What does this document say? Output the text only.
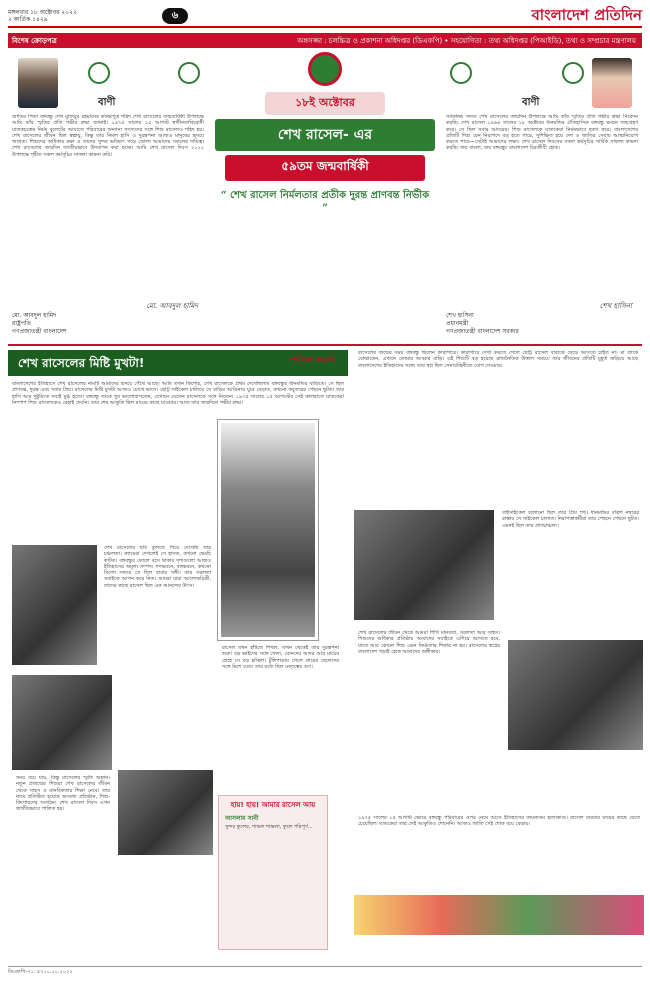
মঙ্গলবার ১৮ অক্টোবর ২০২২
২ কার্তিক ১৪২৯	৬	বাংলাদেশ প্রতিদিন
বিশেষ ক্রোড়পত্র	অঙ্গসজ্জা : চলচ্চিত্র ও প্রকাশনা অধিদপ্তর (ডিএফপি) • সহযোগিতা : তথ্য অধিদপ্তর (পিআইডি), তথ্য ও সম্প্রচার মন্ত্রণালয়
বাণী
জাতির পিতা বঙ্গবন্ধু শেখ মুজিবুর রহমানের কনিষ্ঠপুত্র শহিদ শেখ রাসেলের জন্মবার্ষিকী উপলক্ষে আমি তাঁর স্মৃতির প্রতি গভীর শ্রদ্ধা জানাই। ১৯৭৫ সালের ১৫ আগস্ট স্বাধীনতাবিরোধী ঘাতকচক্রের নির্মম বুলেটের আঘাতে পরিবারের অন্যান্য সদস্যদের সঙ্গে শিশু রাসেলও শহিদ হয়। শেখ রাসেলের জীবন ছিল স্বল্পায়ু, কিন্তু তার নির্মল হাসি ও দুরন্তপনা আজও মানুষের হৃদয়ে জাগ্রত। শিশুদের অধিকার রক্ষা ও তাদের সুন্দর ভবিষ্যৎ গড়ে তোলা আমাদের সকলের দায়িত্ব। শেখ রাসেলের জন্মদিন জাতীয়ভাবে উদযাপন করা হচ্ছে। আমি শেখ রাসেল দিবস ২০২২ উপলক্ষে গৃহীত সকল কর্মসূচির সাফল্য কামনা করি।
মো. আবদুল হামিদ
মো. আবদুল হামিদ
রাষ্ট্রপতি
গণপ্রজাতন্ত্রী বাংলাদেশ
১৮ই অক্টোবর
শেখ রাসেল- এর
৫৯তম জন্মবার্ষিকী
“ শেখ রাসেল নির্মলতার প্রতীক দুরন্ত প্রাণবন্ত নির্ভীক ”
বাণী
সর্বকনিষ্ঠ সদস্য শেখ রাসেলের জন্মদিন উপলক্ষে আমি তাঁর স্মৃতির প্রতি গভীর শ্রদ্ধা নিবেদন করছি। শেখ রাসেল ১৯৬৪ সালের ১৮ অক্টোবর ধানমন্ডির ঐতিহাসিক বঙ্গবন্ধু ভবনে জন্মগ্রহণ করে। সে ছিল সবার আদরের। শিশু রাসেলকে ঘাতকেরা নির্মমভাবে হত্যা করে। বাংলাদেশের প্রতিটি শিশু যেন নিরাপদে বড় হতে পারে, সুশিক্ষিত হয়ে দেশ ও জাতির সেবায় আত্মনিয়োগ করতে পারে—সেটাই আমাদের লক্ষ্য। শেখ রাসেল দিবসের সকল কর্মসূচির সার্বিক সাফল্য কামনা করছি। জয় বাংলা, জয় বঙ্গবন্ধু। বাংলাদেশ চিরজীবী হোক।
শেখ হাসিনা
শেখ হাসিনা
প্রধানমন্ত্রী
গণপ্রজাতন্ত্রী বাংলাদেশ সরকার
শেখ রাসেলের মিষ্টি মুখটা!	পাভেল রহমান
বাংলাদেশের ইতিহাসে শেখ রাসেলের নামটি আমাদের হৃদয়ে গেঁথে আছে। আমি তখন কিশোর, শেখ রাসেলকে প্রথম দেখেছিলাম বঙ্গবন্ধুর ধানমন্ডির বাড়িতে। সে ছিল প্রাণবন্ত, দুরন্ত এবং সবার প্রিয়। রাসেলের মিষ্টি মুখটা আজও চোখে ভাসে। ছোট্ট সাইকেল চালিয়ে সে বাড়ির আঙিনায় ঘুরে বেড়াত, কখনো কবুতরের পেছনে ছুটত। তার হাসি আর দুষ্টুমিতে সবাই মুগ্ধ হতো। বঙ্গবন্ধু তাকে খুব ভালোবাসতেন, যেখানে যেতেন রাসেলকে সঙ্গে নিতেন। ১৯৭৫ সালের ১৫ আগস্টের সেই কালরাতে ঘাতকেরা নিষ্পাপ শিশু রাসেলকেও রেহাই দেয়নি। তার শেষ আকুতি ছিল মায়ের কাছে যাওয়ার। আজ তার জন্মদিনে গভীর শ্রদ্ধা।
শেখ রাসেলের ছবি তুলতে গিয়ে দেখেছি তার চঞ্চলতা। ক্যামেরা দেখলেই সে হাসত, কখনো ভেংচি কাটত। বঙ্গবন্ধুর কোলে বসে থাকার দৃশ্যগুলো আজও ইতিহাসের অমূল্য সম্পদ। গণভবনে, বঙ্গভবনে, কখনো বিদেশ সফরে সে ছিল বাবার সঙ্গী। তার সরলতা সবাইকে আপন করে নিত। আমরা যারা আলোকচিত্রী, তাদের কাছে রাসেল ছিল এক আনন্দের উৎস।
সময় বয়ে যায়, কিন্তু রাসেলের স্মৃতি অম্লান। নতুন প্রজন্মের শিশুরা শেখ রাসেলের জীবন থেকে সাহস ও মানবিকতার শিক্ষা নেবে। তার নামে প্রতিষ্ঠিত হয়েছে অসংখ্য প্রতিষ্ঠান, শিশু-কিশোরদের সংগঠন। শেখ রাসেল দিবস এখন জাতীয়ভাবে পালিত হয়।
রাসেল যখন হাঁটতে শিখল, তখন থেকেই তার দুরন্তপনা শুরু। বড় ভাইদের সঙ্গে খেলা, বোনদের আদর আর মায়ের স্নেহে সে বড় হচ্ছিল। টুঙ্গিপাড়ায় গেলে গ্রামের ছেলেদের সঙ্গে মিশে যেত। তার মধ্যে ছিল নেতৃত্বের গুণ।
হায়! হায়! আমার রাসেল আয়
আসলাম সানী
সুন্দর ফুলের, শ্যামল শ্যামলা, ফুলে পরিপূর্ণ...
রাসেলের জন্মের সময় বঙ্গবন্ধু ছিলেন কারাগারে। কারাগারে দেখা করতে গেলে ছোট্ট রাসেল বাবাকে ছেড়ে আসতে চাইত না। মা তাকে বোঝাতেন, এখানে তোমার আব্বার বাড়ি। এই শিশুটি বড় হয়েছে রাজনৈতিক উত্তাল সময়ে। তার জীবনের প্রতিটি মুহূর্ত জড়িয়ে আছে বাংলাদেশের ইতিহাসের সঙ্গে। তার স্বপ্ন ছিল সেনাবাহিনীতে যোগ দেওয়ার।
বাইসাইকেল চালানো ছিল তার প্রিয় শখ। ধানমন্ডির বত্রিশ নম্বরের রাস্তায় সে সাইকেল চালাত। নিরাপত্তাকর্মীরা তার পেছনে পেছনে ছুটত। এমনই ছিল তার প্রাণচাঞ্চল্য।
শেখ রাসেলের জীবন থেকে আমরা শিখি মানবতা, সরলতা আর সাহস। শিশুদের অধিকার প্রতিষ্ঠায় আমাদের সবাইকে এগিয়ে আসতে হবে, যাতে আর কোনো শিশু এমন নির্মমতার শিকার না হয়। রাসেলের স্বপ্নের বাংলাদেশ গড়াই হোক আমাদের অঙ্গীকার।
১৯৭৫ সালের ১৫ আগস্ট ভোরে বঙ্গবন্ধু পরিবারের ওপর নেমে আসে ইতিহাসের জঘন্যতম হত্যাকাণ্ড। রাসেল বারবার মায়ের কাছে যেতে চেয়েছিল। ঘাতকেরা তার সেই আকুতিও শোনেনি। আজও জাতি সেই শোক বয়ে বেড়ায়।
ডিএফপি-৭১: ৫৭১০.১০.২০২২
